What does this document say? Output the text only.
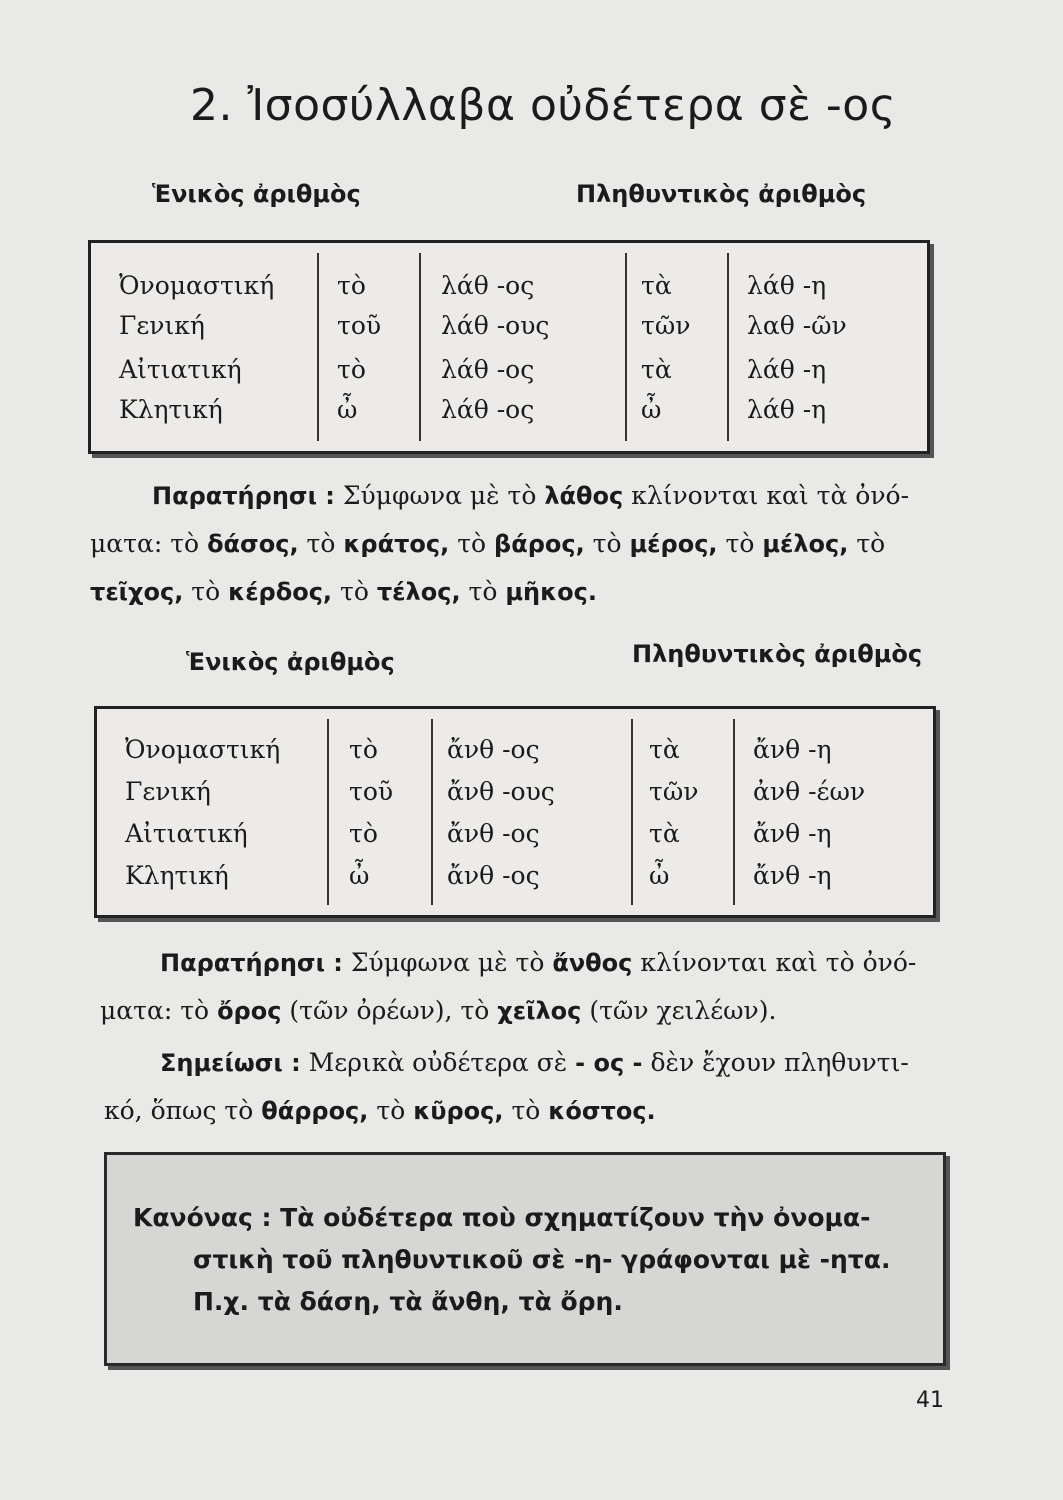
2. Ἰσοσύλλαβα οὐδέτερα σὲ -ος
Ἑνικὸς ἀριθμὸς	Πληθυντικὸς ἀριθμὸς
Ὀνομαστική	τὸ	λάθ -ος	τὰ	λάθ -η
Γενική	τοῦ λάθ -ους	τῶν λαθ -ῶν
Αἰτιατική	τὸ	λάθ -ος	τὰ	λάθ -η
Κλητική	ὦ	λάθ -ος	ὦ	λάθ -η
Παρατήρησι : Σύμφωνα μὲ τὸ λάθος κλίνονται καὶ τὰ ὀνό-
ματα: τὸ δάσος, τὸ κράτος, τὸ βάρος, τὸ μέρος, τὸ μέλος, τὸ
τεῖχος, τὸ κέρδος, τὸ τέλος, τὸ μῆκος.
Ἑνικὸς ἀριθμὸς	Πληθυντικὸς ἀριθμὸς
Ὀνομαστική	τὸ	ἄνθ -ος	τὰ	ἄνθ -η
Γενική	τοῦ ἄνθ -ους	τῶν ἀνθ -έων
Αἰτιατική	τὸ	ἄνθ -ος	τὰ	ἄνθ -η
Κλητική	ὦ	ἄνθ -ος	ὦ	ἄνθ -η
Παρατήρησι : Σύμφωνα μὲ τὸ ἄνθος κλίνονται καὶ τὸ ὀνό-
ματα: τὸ ὄρος (τῶν ὀρέων), τὸ χεῖλος (τῶν χειλέων).
Σημείωσι : Μερικὰ οὐδέτερα σὲ - ος - δὲν ἔχουν πληθυντι-
κό, ὅπως τὸ θάρρος, τὸ κῦρος, τὸ κόστος.
Κανόνας : Τὰ οὐδέτερα ποὺ σχηματίζουν τὴν ὀνομα-
στικὴ τοῦ πληθυντικοῦ σὲ -η- γράφονται μὲ -ητα.
Π.χ. τὰ δάση, τὰ ἄνθη, τὰ ὄρη.
41
